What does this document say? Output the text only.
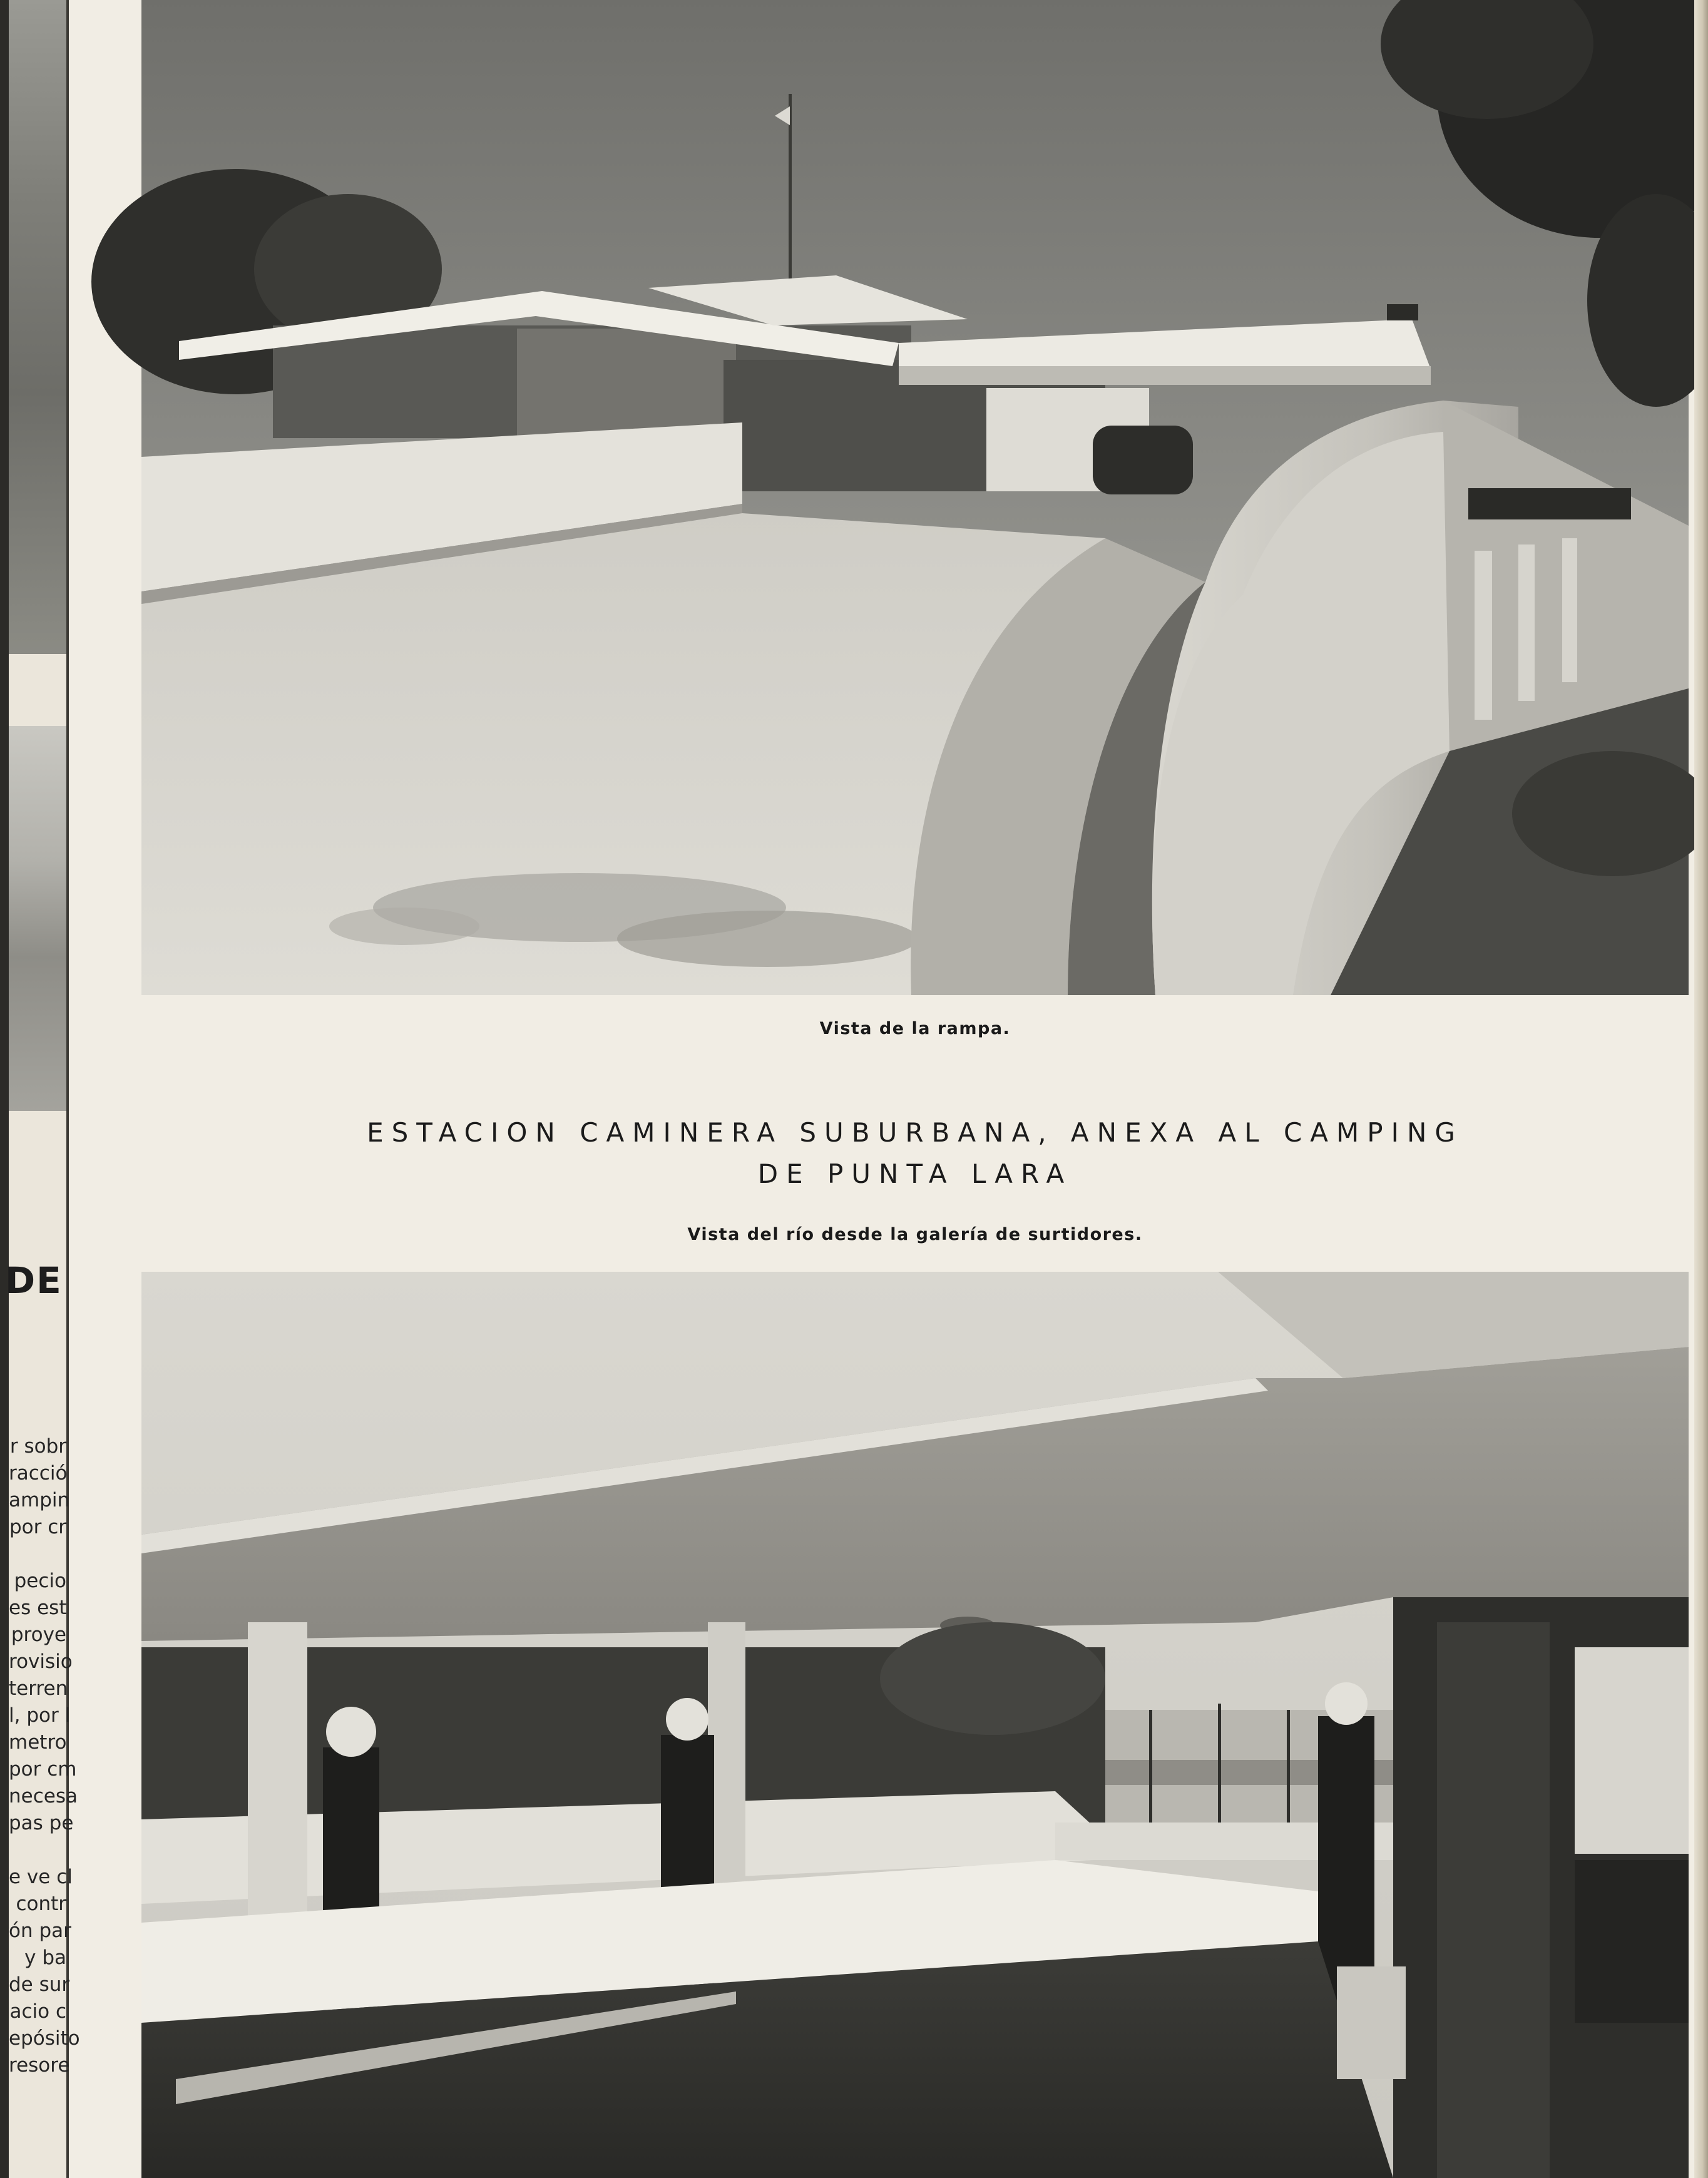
DE
r sobr
racció
ampin
por cr
pecio
es est
proye
rovisio
terren
l, por l
metro
por cm
necesa
pas pe
e ve cl
contr
ón par
y ba
de sur
acio c
epósito
resore

Vista de la rampa.

ESTACION CAMINERA SUBURBANA, ANEXA AL CAMPING
DE PUNTA LARA

Vista del río desde la galería de surtidores.
